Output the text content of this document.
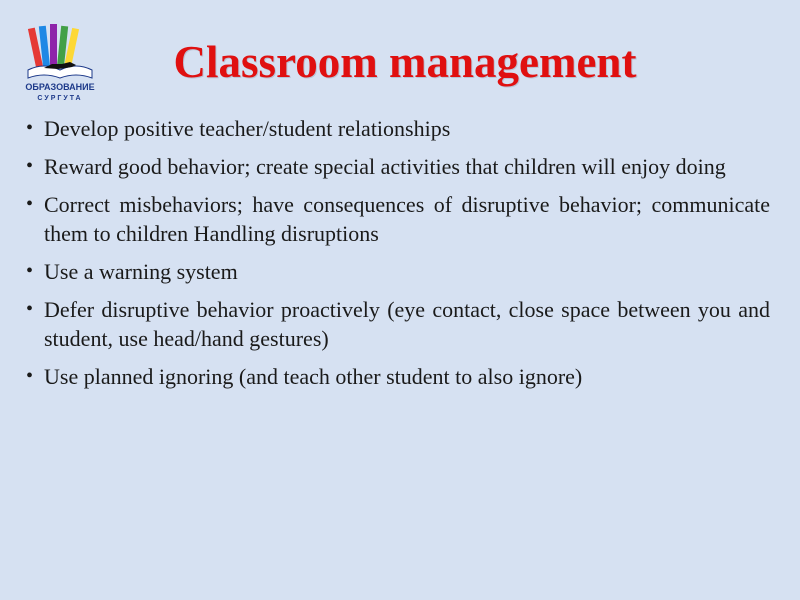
ОБРАЗОВАНИЕ
СУРГУТА
Classroom management
• Develop positive teacher/student relationships
• Reward good behavior; create special activities that children will enjoy doing
• Correct misbehaviors; have consequences of disruptive behavior; communicate them to children Handling disruptions
• Use a warning system
• Defer disruptive behavior proactively (eye contact, close space between you and student, use head/hand gestures)
• Use planned ignoring (and teach other student to also ignore)
